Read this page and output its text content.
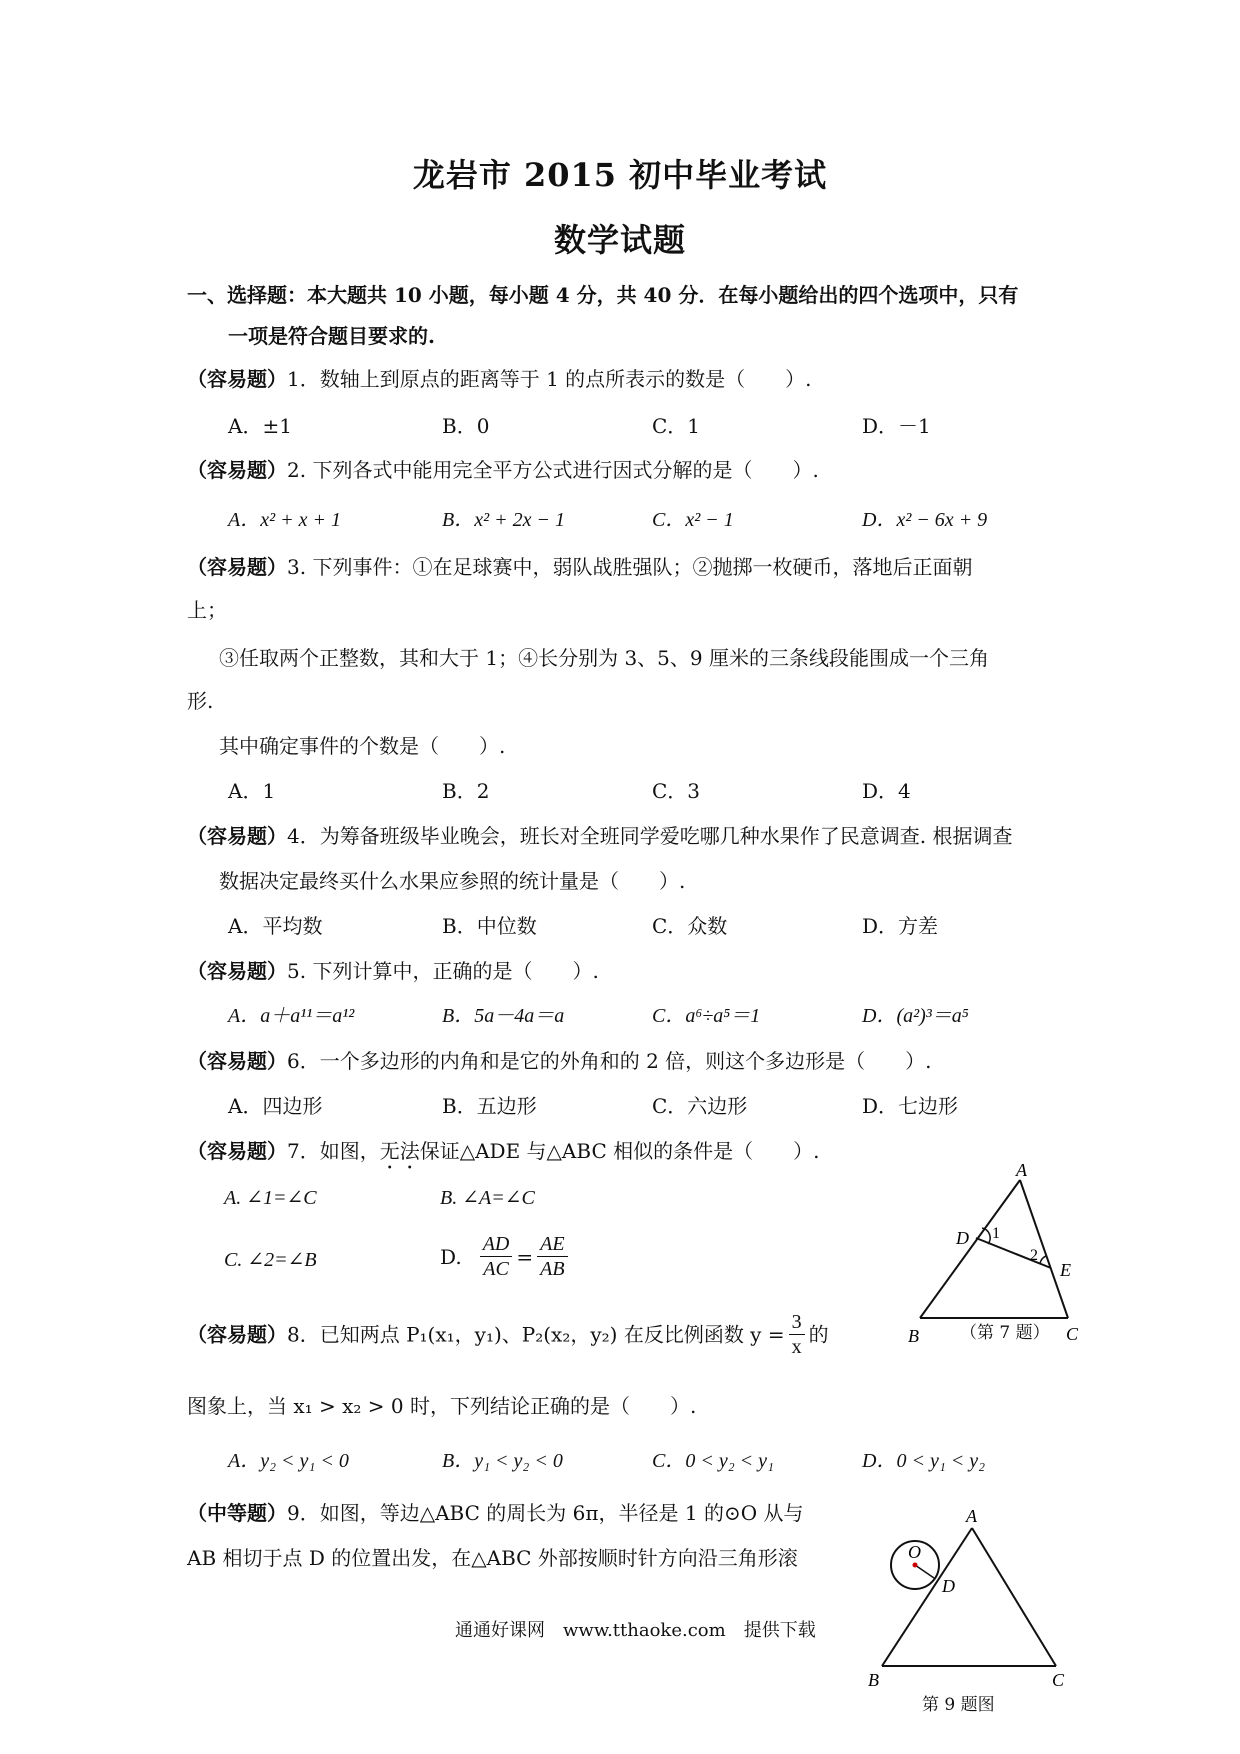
龙岩市 2015 初中毕业考试
数学试题
一、选择题：本大题共 10 小题，每小题 4 分，共 40 分．在每小题给出的四个选项中，只有
一项是符合题目要求的.
（容易题）1．数轴上到原点的距离等于 1 的点所表示的数是（　　）.
A．±1	B．0	C．1	D．－1
（容易题）2. 下列各式中能用完全平方公式进行因式分解的是（　　）.
A．x² + x + 1	B．x² + 2x − 1	C．x² − 1	D．x² − 6x + 9
（容易题）3. 下列事件：①在足球赛中，弱队战胜强队；②抛掷一枚硬币，落地后正面朝
上；
③任取两个正整数，其和大于 1；④长分别为 3、5、9 厘米的三条线段能围成一个三角
形.
其中确定事件的个数是（　　）.
A．1	B．2	C．3	D．4
（容易题）4．为筹备班级毕业晚会，班长对全班同学爱吃哪几种水果作了民意调查. 根据调查
数据决定最终买什么水果应参照的统计量是（　　）.
A．平均数	B．中位数	C．众数	D．方差
（容易题）5. 下列计算中，正确的是（　　）.
A．a＋a¹¹＝a¹²	B．5a－4a＝a	C．a⁶÷a⁵＝1	D．(a²)³＝a⁵
（容易题）6．一个多边形的内角和是它的外角和的 2 倍，则这个多边形是（　　）.
A．四边形	B．五边形	C．六边形	D．七边形
（容易题）7．如图，无法保证△ADE 与△ABC 相似的条件是（　　）.
A. ∠1=∠C	B. ∠A=∠C
C. ∠2=∠B	D. $\frac{AD}{AC} = \frac{AE}{AB}$
A
B	C
D
E
1
2
（第 7 题）
（容易题）8．已知两点 P₁(x₁，y₁)、P₂(x₂，y₂) 在反比例函数 $y = \frac{3}{x}$ 的
图象上，当 x₁ > x₂ > 0 时，下列结论正确的是（　　）.
A．y₂ < y₁ < 0	B．y₁ < y₂ < 0	C．0 < y₂ < y₁	D．0 < y₁ < y₂
（中等题）9．如图，等边△ABC 的周长为 6π，半径是 1 的⊙O 从与
AB 相切于点 D 的位置出发，在△ABC 外部按顺时针方向沿三角形滚
A
B	C
D
O
第 9 题图
通通好课网　www.tthaoke.com　提供下载
